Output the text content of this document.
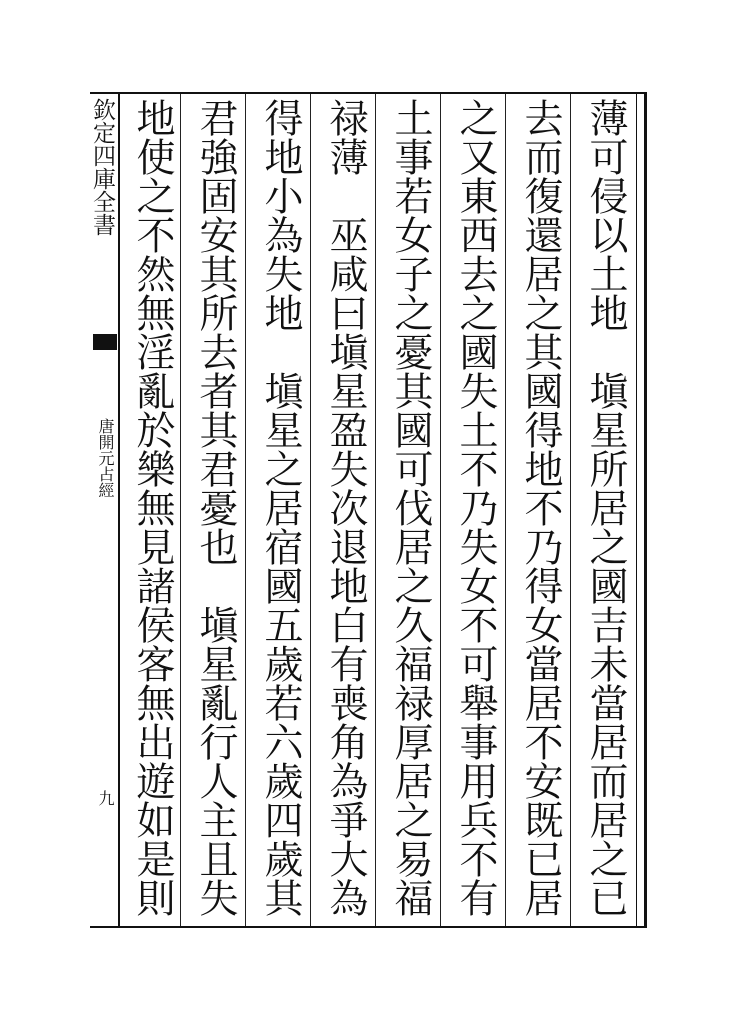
欽定四庫全書
唐開元占經
九	薄可侵以土地　塡星所居之國吉未當居而居之已
去而復還居之其國得地不乃得女當居不安既已居
之又東西去之國失土不乃失女不可舉事用兵不有
土事若女子之憂其國可伐居之久福禄厚居之易福
禄薄　巫咸曰塡星盈失次退地白有喪角為爭大為
得地小為失地　塡星之居宿國五歲若六歲四歲其
君強固安其所去者其君憂也　塡星亂行人主且失
地使之不然無淫亂於樂無見諸侯客無出遊如是則
